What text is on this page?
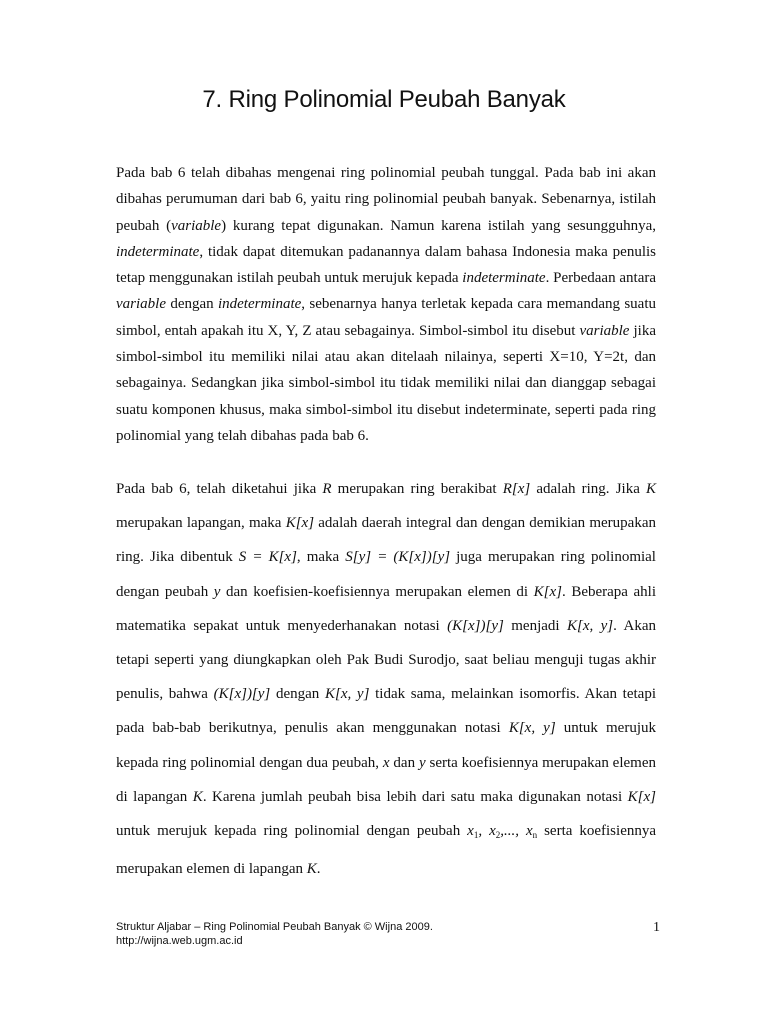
7. Ring Polinomial Peubah Banyak

Pada bab 6 telah dibahas mengenai ring polinomial peubah tunggal. Pada bab ini akan dibahas perumuman dari bab 6, yaitu ring polinomial peubah banyak. Sebenarnya, istilah peubah (variable) kurang tepat digunakan. Namun karena istilah yang sesungguhnya, indeterminate, tidak dapat ditemukan padanannya dalam bahasa Indonesia maka penulis tetap menggunakan istilah peubah untuk merujuk kepada indeterminate. Perbedaan antara variable dengan indeterminate, sebenarnya hanya terletak kepada cara memandang suatu simbol, entah apakah itu X, Y, Z atau sebagainya. Simbol-simbol itu disebut variable jika simbol-simbol itu memiliki nilai atau akan ditelaah nilainya, seperti X=10, Y=2t, dan sebagainya. Sedangkan jika simbol-simbol itu tidak memiliki nilai dan dianggap sebagai suatu komponen khusus, maka simbol-simbol itu disebut indeterminate, seperti pada ring polinomial yang telah dibahas pada bab 6.

Pada bab 6, telah diketahui jika R merupakan ring berakibat R[x] adalah ring. Jika K merupakan lapangan, maka K[x] adalah daerah integral dan dengan demikian merupakan ring. Jika dibentuk S = K[x], maka S[y] = (K[x])[y] juga merupakan ring polinomial dengan peubah y dan koefisien-koefisiennya merupakan elemen di K[x]. Beberapa ahli matematika sepakat untuk menyederhanakan notasi (K[x])[y] menjadi K[x, y]. Akan tetapi seperti yang diungkapkan oleh Pak Budi Surodjo, saat beliau menguji tugas akhir penulis, bahwa (K[x])[y] dengan K[x, y] tidak sama, melainkan isomorfis. Akan tetapi pada bab-bab berikutnya, penulis akan menggunakan notasi K[x, y] untuk merujuk kepada ring polinomial dengan dua peubah, x dan y serta koefisiennya merupakan elemen di lapangan K. Karena jumlah peubah bisa lebih dari satu maka digunakan notasi K[x] untuk merujuk kepada ring polinomial dengan peubah $x_1$, $x_2$,..., $x_n$ serta koefisiennya merupakan elemen di lapangan K.

Struktur Aljabar – Ring Polinomial Peubah Banyak © Wijna 2009.
http://wijna.web.ugm.ac.id
1
